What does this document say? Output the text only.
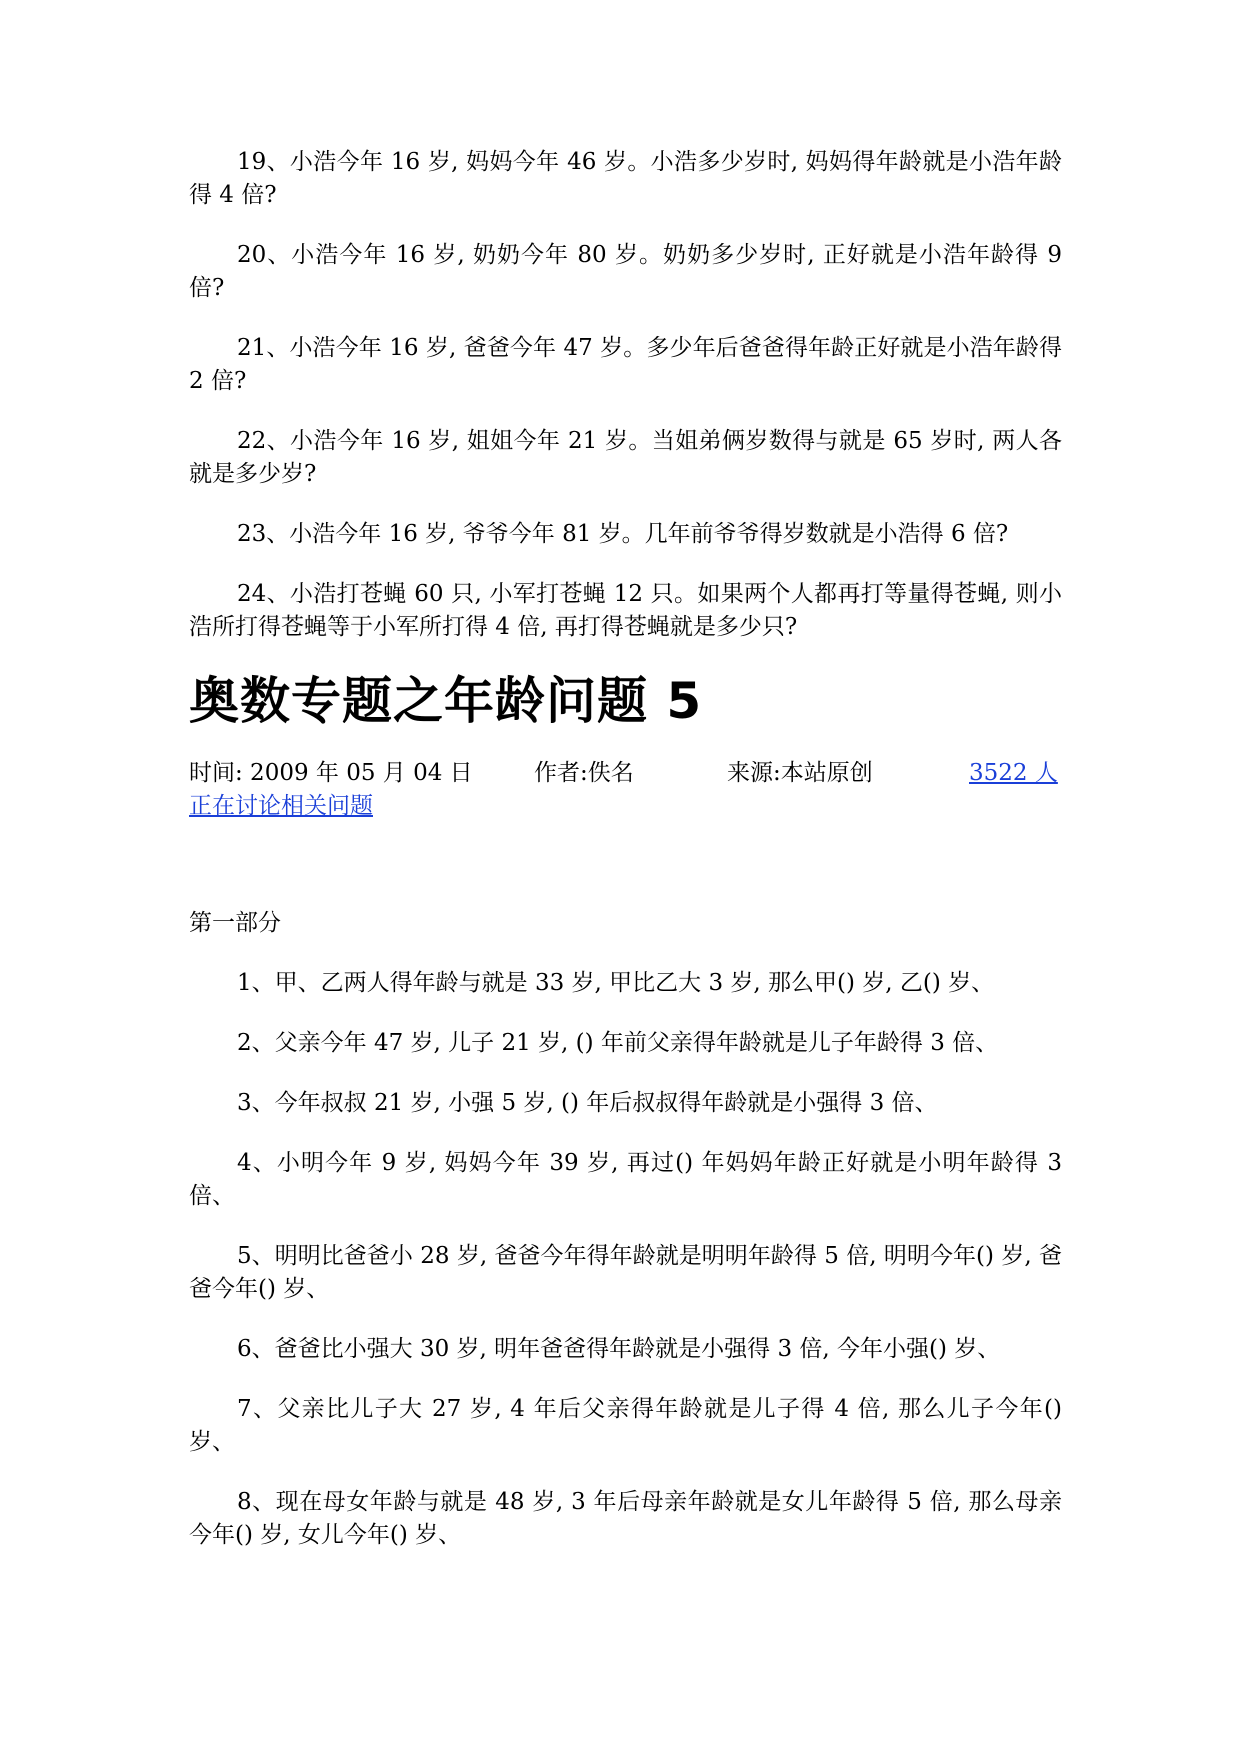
19、小浩今年 16 岁, 妈妈今年 46 岁。小浩多少岁时, 妈妈得年龄就是小浩年龄得 4 倍?

20、小浩今年 16 岁, 奶奶今年 80 岁。奶奶多少岁时, 正好就是小浩年龄得 9 倍?

21、小浩今年 16 岁, 爸爸今年 47 岁。多少年后爸爸得年龄正好就是小浩年龄得 2 倍?

22、小浩今年 16 岁, 姐姐今年 21 岁。当姐弟俩岁数得与就是 65 岁时, 两人各就是多少岁?

23、小浩今年 16 岁, 爷爷今年 81 岁。几年前爷爷得岁数就是小浩得 6 倍?

24、小浩打苍蝇 60 只, 小军打苍蝇 12 只。如果两个人都再打等量得苍蝇, 则小浩所打得苍蝇等于小军所打得 4 倍, 再打得苍蝇就是多少只?

奥数专题之年龄问题 5
3522 人正在讨论相关问题
时间: 2009 年 05 月 04 日	作者:佚名	来源:本站原创
第一部分

1、甲、乙两人得年龄与就是 33 岁, 甲比乙大 3 岁, 那么甲() 岁, 乙() 岁、

2、父亲今年 47 岁, 儿子 21 岁, () 年前父亲得年龄就是儿子年龄得 3 倍、

3、今年叔叔 21 岁, 小强 5 岁, () 年后叔叔得年龄就是小强得 3 倍、

4、小明今年 9 岁, 妈妈今年 39 岁, 再过() 年妈妈年龄正好就是小明年龄得 3 倍、

5、明明比爸爸小 28 岁, 爸爸今年得年龄就是明明年龄得 5 倍, 明明今年() 岁, 爸爸今年() 岁、

6、爸爸比小强大 30 岁, 明年爸爸得年龄就是小强得 3 倍, 今年小强() 岁、

7、父亲比儿子大 27 岁, 4 年后父亲得年龄就是儿子得 4 倍, 那么儿子今年() 岁、

8、现在母女年龄与就是 48 岁, 3 年后母亲年龄就是女儿年龄得 5 倍, 那么母亲今年() 岁, 女儿今年() 岁、
